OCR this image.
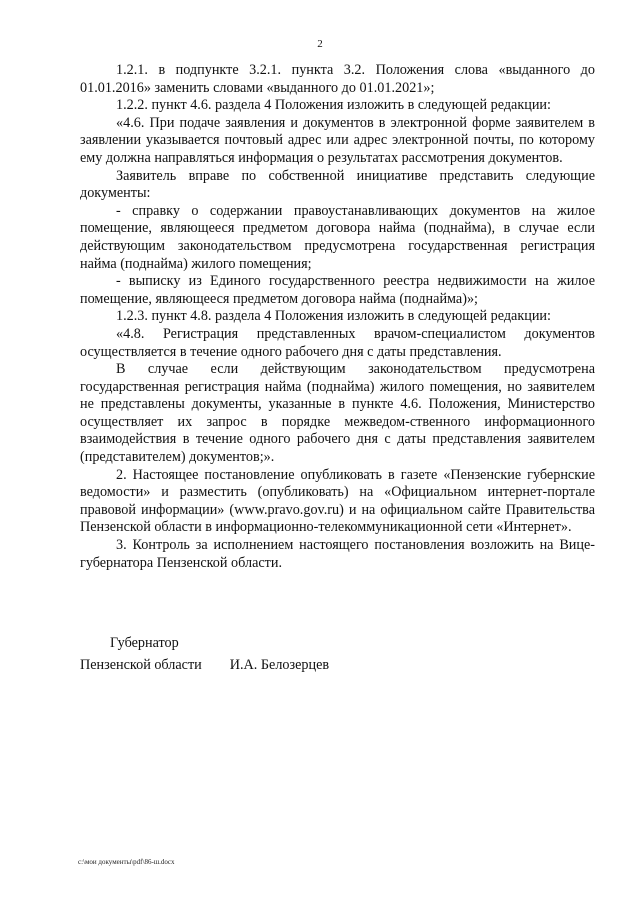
2

1.2.1. в подпункте 3.2.1. пункта 3.2. Положения слова «выданного до 01.01.2016» заменить словами «выданного до 01.01.2021»;

1.2.2. пункт 4.6. раздела 4 Положения изложить в следующей редакции:

«4.6. При подаче заявления и документов в электронной форме заявителем в заявлении указывается почтовый адрес или адрес электронной почты, по которому ему должна направляться информация о результатах рассмотрения документов.

Заявитель вправе по собственной инициативе представить следующие документы:

- справку о содержании правоустанавливающих документов на жилое помещение, являющееся предметом договора найма (поднайма), в случае если действующим законодательством предусмотрена государственная регистрация найма (поднайма) жилого помещения;

- выписку из Единого государственного реестра недвижимости на жилое помещение, являющееся предметом договора найма (поднайма)»;

1.2.3. пункт 4.8. раздела 4 Положения изложить в следующей редакции:

«4.8. Регистрация представленных врачом-специалистом документов осуществляется в течение одного рабочего дня с даты представления.

В случае если действующим законодательством предусмотрена государственная регистрация найма (поднайма) жилого помещения, но заявителем не представлены документы, указанные в пункте 4.6. Положения, Министерство осуществляет их запрос в порядке межведом-ственного информационного взаимодействия в течение одного рабочего дня с даты представления заявителем (представителем) документов;».

2. Настоящее постановление опубликовать в газете «Пензенские губернские ведомости» и разместить (опубликовать) на «Официальном интернет-портале правовой информации» (www.pravo.gov.ru) и на официальном сайте Правительства Пензенской области в информационно-телекоммуникационной сети «Интернет».

3. Контроль за исполнением настоящего постановления возложить на Вице-губернатора Пензенской области.

Губернатор
Пензенской области И.А. Белозерцев
c:\мои документы\pdf\86-ш.docx
